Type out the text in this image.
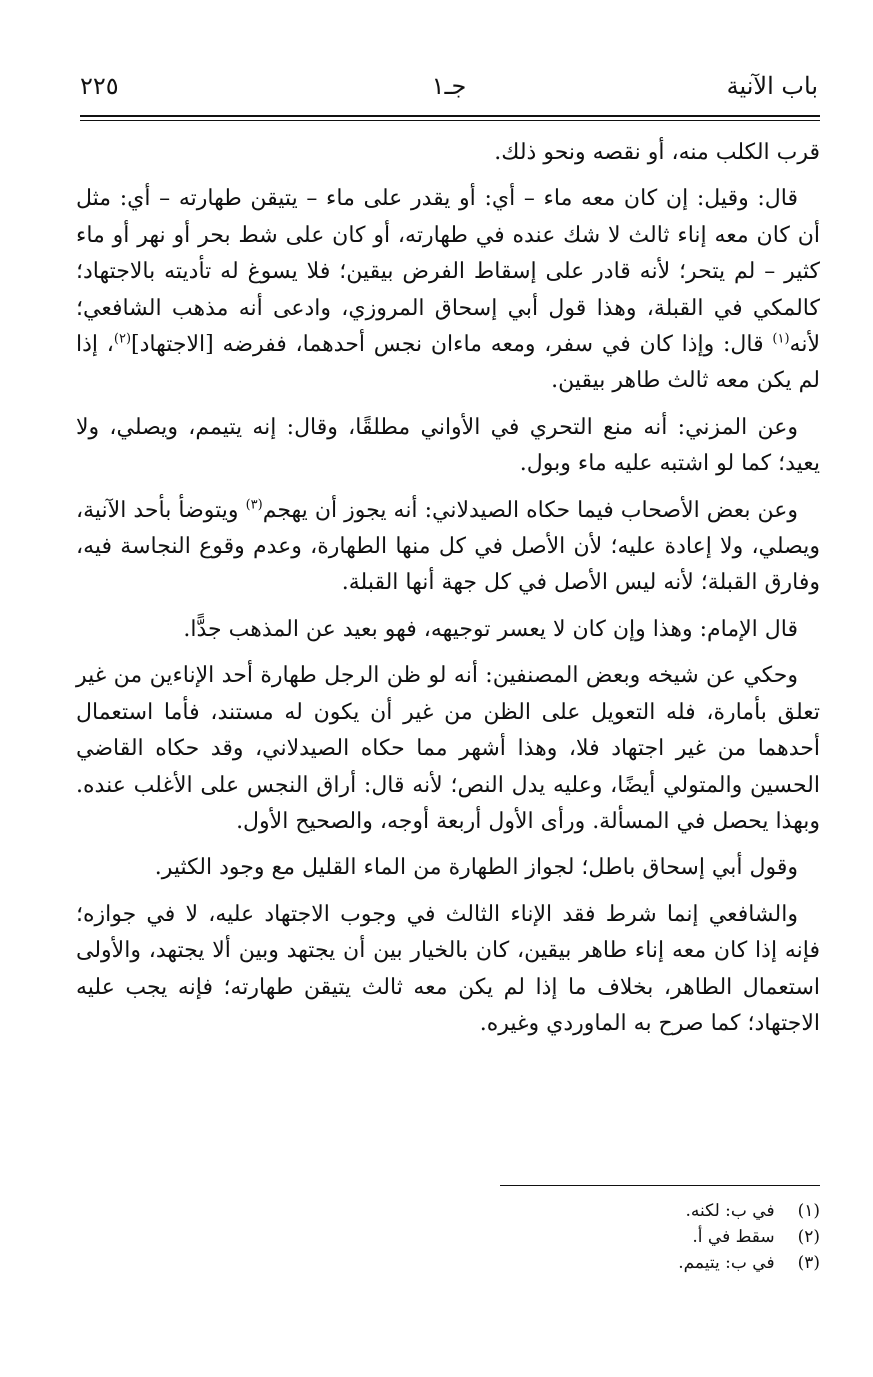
باب الآنية
جـ١
٢٢٥

قرب الكلب منه، أو نقصه ونحو ذلك.

قال: وقيل: إن كان معه ماء – أي: أو يقدر على ماء – يتيقن طهارته – أي: مثل أن كان معه إناء ثالث لا شك عنده في طهارته، أو كان على شط بحر أو نهر أو ماء كثير – لم يتحر؛ لأنه قادر على إسقاط الفرض بيقين؛ فلا يسوغ له تأديته بالاجتهاد؛ كالمكي في القبلة، وهذا قول أبي إسحاق المروزي، وادعى أنه مذهب الشافعي؛ لأنه$^{(١)}$ قال: وإذا كان في سفر، ومعه ماءان نجس أحدهما، ففرضه [الاجتهاد]$^{(٢)}$، إذا لم يكن معه ثالث طاهر بيقين.

وعن المزني: أنه منع التحري في الأواني مطلقًا، وقال: إنه يتيمم، ويصلي، ولا يعيد؛ كما لو اشتبه عليه ماء وبول.

وعن بعض الأصحاب فيما حكاه الصيدلاني: أنه يجوز أن يهجم$^{(٣)}$ ويتوضأ بأحد الآنية، ويصلي، ولا إعادة عليه؛ لأن الأصل في كل منها الطهارة، وعدم وقوع النجاسة فيه، وفارق القبلة؛ لأنه ليس الأصل في كل جهة أنها القبلة.

قال الإمام: وهذا وإن كان لا يعسر توجيهه، فهو بعيد عن المذهب جدًّا.

وحكي عن شيخه وبعض المصنفين: أنه لو ظن الرجل طهارة أحد الإناءين من غير تعلق بأمارة، فله التعويل على الظن من غير أن يكون له مستند، فأما استعمال أحدهما من غير اجتهاد فلا، وهذا أشهر مما حكاه الصيدلاني، وقد حكاه القاضي الحسين والمتولي أيضًا، وعليه يدل النص؛ لأنه قال: أراق النجس على الأغلب عنده. وبهذا يحصل في المسألة. ورأى الأول أربعة أوجه، والصحيح الأول.

وقول أبي إسحاق باطل؛ لجواز الطهارة من الماء القليل مع وجود الكثير.

والشافعي إنما شرط فقد الإناء الثالث في وجوب الاجتهاد عليه، لا في جوازه؛ فإنه إذا كان معه إناء طاهر بيقين، كان بالخيار بين أن يجتهد وبين ألا يجتهد، والأولى استعمال الطاهر، بخلاف ما إذا لم يكن معه ثالث يتيقن طهارته؛ فإنه يجب عليه الاجتهاد؛ كما صرح به الماوردي وغيره.

(١) في ب: لكنه.
(٢) سقط في أ.
(٣) في ب: يتيمم.
